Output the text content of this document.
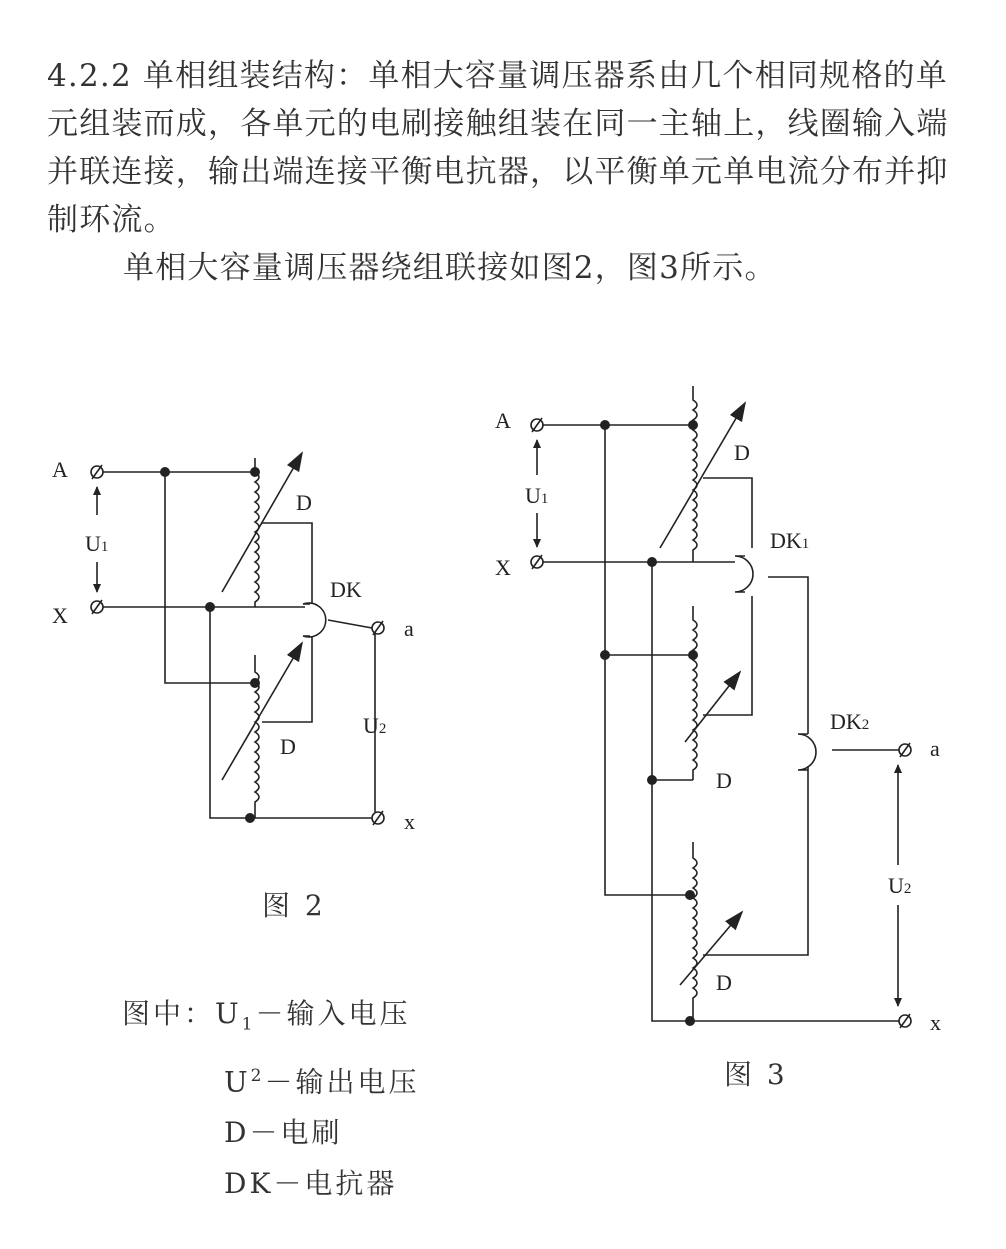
4.2.2 单相组装结构：单相大容量调压器系由几个相同规格的单元组装而成，各单元的电刷接触组装在同一主轴上，线圈输入端并联连接，输出端连接平衡电抗器，以平衡单元单电流分布并抑制环流。

单相大容量调压器绕组联接如图2，图3所示。

A
X
a
x
D
D
DK
U1
U2
A
X
a
x
D
D
D
DK1
DK2
U1
U2
图 2
图 3
图中：$U_1-$输入电压
$U^2-$输出电压
D－电刷
DK－电抗器
